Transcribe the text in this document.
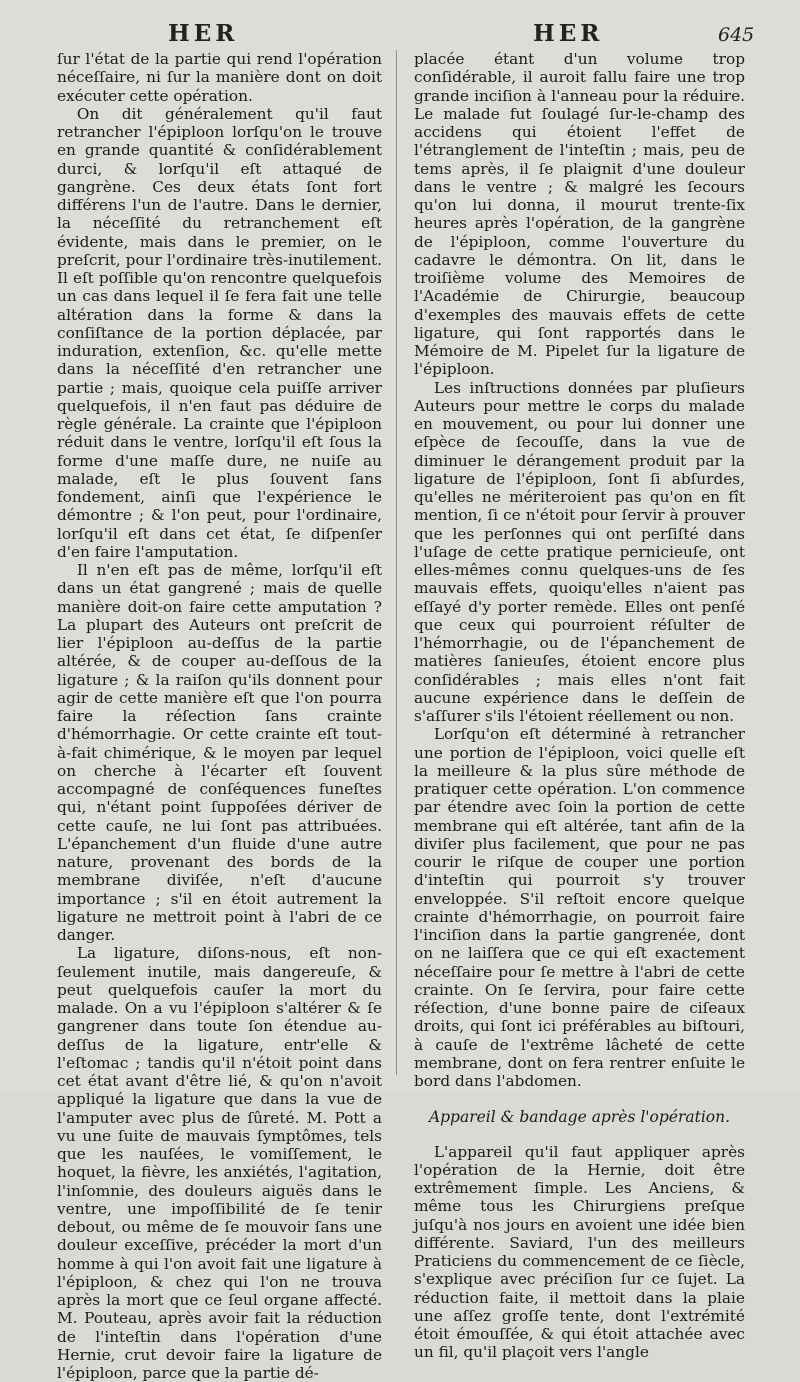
HER	HER	645

ſur l'état de la partie qui rend l'opération néceſſaire, ni ſur la manière dont on doit exécuter cette opération.

On dit généralement qu'il faut retrancher l'épiploon lorſqu'on le trouve en grande quantité & conſidérablement durci, & lorſqu'il eſt attaqué de gangrène. Ces deux états ſont fort différens l'un de l'autre. Dans le dernier, la néceſſité du retranchement eſt évidente, mais dans le premier, on le preſcrit, pour l'ordinaire très-inutilement. Il eſt poſſible qu'on rencontre quelquefois un cas dans lequel il ſe fera fait une telle altération dans la forme & dans la conſiſtance de la portion déplacée, par induration, extenſion, &c. qu'elle mette dans la néceſſité d'en retrancher une partie ; mais, quoique cela puiſſe arriver quelquefois, il n'en faut pas déduire de règle générale. La crainte que l'épiploon réduit dans le ventre, lorſqu'il eſt ſous la forme d'une maſſe dure, ne nuiſe au malade, eſt le plus ſouvent ſans fondement, ainſi que l'expérience le démontre ; & l'on peut, pour l'ordinaire, lorſqu'il eſt dans cet état, ſe diſpenſer d'en faire l'amputation.

Il n'en eſt pas de même, lorſqu'il eſt dans un état gangrené ; mais de quelle manière doit-on faire cette amputation ? La plupart des Auteurs ont preſcrit de lier l'épiploon au-deſſus de la partie altérée, & de couper au-deſſous de la ligature ; & la raiſon qu'ils donnent pour agir de cette manière eſt que l'on pourra faire la réſection ſans crainte d'hémorrhagie. Or cette crainte eſt tout-à-fait chimérique, & le moyen par lequel on cherche à l'écarter eſt ſouvent accompagné de conſéquences funeſtes qui, n'étant point ſuppoſées dériver de cette cauſe, ne lui ſont pas attribuées. L'épanchement d'un fluide d'une autre nature, provenant des bords de la membrane diviſée, n'eſt d'aucune importance ; s'il en étoit autrement la ligature ne mettroit point à l'abri de ce danger.

La ligature, diſons-nous, eſt non-ſeulement inutile, mais dangereuſe, & peut quelquefois cauſer la mort du malade. On a vu l'épiploon s'altérer & ſe gangrener dans toute ſon étendue au-deſſus de la ligature, entr'elle & l'eſtomac ; tandis qu'il n'étoit point dans cet état avant d'être lié, & qu'on n'avoit appliqué la ligature que dans la vue de l'amputer avec plus de ſûreté. M. Pott a vu une ſuite de mauvais ſymptômes, tels que les nauſées, le vomiſſement, le hoquet, la fièvre, les anxiétés, l'agitation, l'inſomnie, des douleurs aiguës dans le ventre, une impoſſibilité de ſe tenir debout, ou même de ſe mouvoir ſans une douleur exceſſive, précéder la mort d'un homme à qui l'on avoit fait une ligature à l'épiploon, & chez qui l'on ne trouva après la mort que ce ſeul organe affecté. M. Pouteau, après avoir fait la réduction de l'inteſtin dans l'opération d'une Hernie, crut devoir faire la ligature de l'épiploon, parce que la partie dé-

placée étant d'un volume trop conſidérable, il auroit fallu faire une trop grande inciſion à l'anneau pour la réduire. Le malade fut ſoulagé ſur-le-champ des accidens qui étoient l'effet de l'étranglement de l'inteſtin ; mais, peu de tems après, il ſe plaignit d'une douleur dans le ventre ; & malgré les ſecours qu'on lui donna, il mourut trente-ſix heures après l'opération, de la gangrène de l'épiploon, comme l'ouverture du cadavre le démontra. On lit, dans le troiſième volume des Memoires de l'Académie de Chirurgie, beaucoup d'exemples des mauvais effets de cette ligature, qui ſont rapportés dans le Mémoire de M. Pipelet ſur la ligature de l'épiploon.

Les inſtructions données par pluſieurs Auteurs pour mettre le corps du malade en mouvement, ou pour lui donner une eſpèce de ſecouſſe, dans la vue de diminuer le dérangement produit par la ligature de l'épiploon, ſont ſi abſurdes, qu'elles ne mériteroient pas qu'on en fît mention, ſi ce n'étoit pour ſervir à prouver que les perſonnes qui ont perſiſté dans l'uſage de cette pratique pernicieuſe, ont elles-mêmes connu quelques-uns de ſes mauvais effets, quoiqu'elles n'aient pas eſſayé d'y porter remède. Elles ont penſé que ceux qui pourroient réſulter de l'hémorrhagie, ou de l'épanchement de matières ſanieuſes, étoient encore plus conſidérables ; mais elles n'ont fait aucune expérience dans le deſſein de s'aſſurer s'ils l'étoient réellement ou non.

Lorſqu'on eſt déterminé à retrancher une portion de l'épiploon, voici quelle eſt la meilleure & la plus sûre méthode de pratiquer cette opération. L'on commence par étendre avec ſoin la portion de cette membrane qui eſt altérée, tant afin de la diviſer plus facilement, que pour ne pas courir le riſque de couper une portion d'inteſtin qui pourroit s'y trouver enveloppée. S'il reſtoit encore quelque crainte d'hémorrhagie, on pourroit faire l'inciſion dans la partie gangrenée, dont on ne laiſſera que ce qui eſt exactement néceſſaire pour ſe mettre à l'abri de cette crainte. On ſe ſervira, pour faire cette réſection, d'une bonne paire de ciſeaux droits, qui ſont ici préférables au biſtouri, à cauſe de l'extrême lâcheté de cette membrane, dont on fera rentrer enſuite le bord dans l'abdomen.

Appareil & bandage après l'opération.

L'appareil qu'il faut appliquer après l'opération de la Hernie, doit être extrêmement ſimple. Les Anciens, & même tous les Chirurgiens preſque juſqu'à nos jours en avoient une idée bien différente. Saviard, l'un des meilleurs Praticiens du commencement de ce ſiècle, s'explique avec préciſion ſur ce ſujet. La réduction faite, il mettoit dans la plaie une aſſez groſſe tente, dont l'extrémité étoit émouſſée, & qui étoit attachée avec un fil, qu'il plaçoit vers l'angle
